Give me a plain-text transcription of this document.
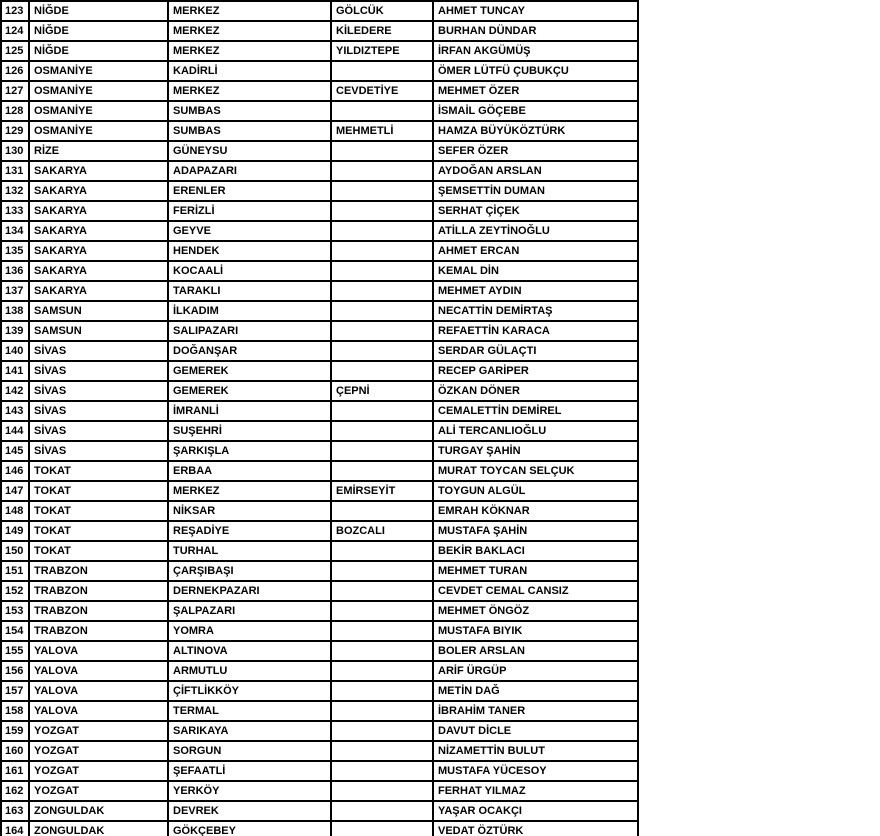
123	NİĞDE	MERKEZ	GÖLCÜK	AHMET TUNCAY
124	NİĞDE	MERKEZ	KİLEDERE	BURHAN DÜNDAR
125	NİĞDE	MERKEZ	YILDIZTEPE	İRFAN AKGÜMÜŞ
126	OSMANİYE	KADİRLİ		ÖMER LÜTFÜ ÇUBUKÇU
127	OSMANİYE	MERKEZ	CEVDETİYE	MEHMET ÖZER
128	OSMANİYE	SUMBAS		İSMAİL GÖÇEBE
129	OSMANİYE	SUMBAS	MEHMETLİ	HAMZA BÜYÜKÖZTÜRK
130	RİZE	GÜNEYSU		SEFER ÖZER
131	SAKARYA	ADAPAZARI		AYDOĞAN ARSLAN
132	SAKARYA	ERENLER		ŞEMSETTİN DUMAN
133	SAKARYA	FERİZLİ		SERHAT ÇİÇEK
134	SAKARYA	GEYVE		ATİLLA ZEYTİNOĞLU
135	SAKARYA	HENDEK		AHMET ERCAN
136	SAKARYA	KOCAALİ		KEMAL DİN
137	SAKARYA	TARAKLI		MEHMET AYDIN
138	SAMSUN	İLKADIM		NECATTİN DEMİRTAŞ
139	SAMSUN	SALIPAZARI		REFAETTİN KARACA
140	SİVAS	DOĞANŞAR		SERDAR GÜLAÇTI
141	SİVAS	GEMEREK		RECEP GARİPER
142	SİVAS	GEMEREK	ÇEPNİ	ÖZKAN DÖNER
143	SİVAS	İMRANLİ		CEMALETTİN DEMİREL
144	SİVAS	SUŞEHRİ		ALİ TERCANLIOĞLU
145	SİVAS	ŞARKIŞLA		TURGAY ŞAHİN
146	TOKAT	ERBAA		MURAT TOYCAN SELÇUK
147	TOKAT	MERKEZ	EMİRSEYİT	TOYGUN ALGÜL
148	TOKAT	NİKSAR		EMRAH KÖKNAR
149	TOKAT	REŞADİYE	BOZCALI	MUSTAFA ŞAHİN
150	TOKAT	TURHAL		BEKİR BAKLACI
151	TRABZON	ÇARŞIBAŞI		MEHMET TURAN
152	TRABZON	DERNEKPAZARI		CEVDET CEMAL CANSIZ
153	TRABZON	ŞALPAZARI		MEHMET ÖNGÖZ
154	TRABZON	YOMRA		MUSTAFA BIYIK
155	YALOVA	ALTINOVA		BOLER ARSLAN
156	YALOVA	ARMUTLU		ARİF ÜRGÜP
157	YALOVA	ÇİFTLİKKÖY		METİN DAĞ
158	YALOVA	TERMAL		İBRAHİM TANER
159	YOZGAT	SARIKAYA		DAVUT DİCLE
160	YOZGAT	SORGUN		NİZAMETTİN BULUT
161	YOZGAT	ŞEFAATLİ		MUSTAFA YÜCESOY
162	YOZGAT	YERKÖY		FERHAT YILMAZ
163	ZONGULDAK	DEVREK		YAŞAR OCAKÇI
164	ZONGULDAK	GÖKÇEBEY		VEDAT ÖZTÜRK
